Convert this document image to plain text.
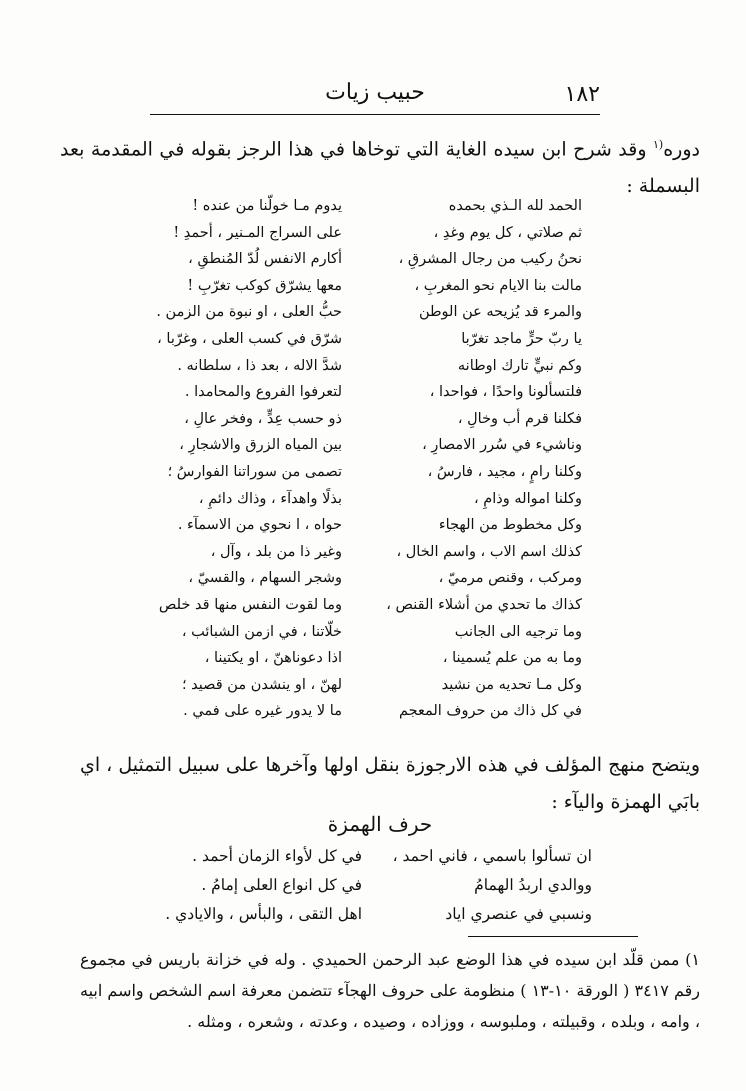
١٨٢
حبيب زيات
دوره$^{(١}$ وقد شرح ابن سيده الغاية التي توخاها في هذا الرجز بقوله في المقدمة بعد البسملة :
الحمد لله الـذي بحمده
يدوم مـا خولّنا من عنده !
ثم صلاتي ، كل يوم وغدِ ،
على السراج المـنير ، أحمدِ !
نحنُ ركيب من رجال المشرقِ ،
أكارم الانفس لُدّ المُنطقِ ،
مالت بنا الايام نحو المغربِ ،
معها يشرّق كوكب تغرّبِ !
والمرء قد يُزيحه عن الوطن
حبُّ العلى ، او نبوة من الزمن .
يا ربّ حرٍّ ماجد تغرّبا
شرّق في كسب العلى ، وغرّبا ،
وكم نبيٍّ تارك اوطانه
شدَّ الاله ، بعد ذا ، سلطانه .
فلتسألونا واحدًا ، فواحدا ،
لتعرفوا الفروع والمحامدا .
فكلنا قرم أب وخالِ ،
ذو حسب عِدٍّ ، وفخر عالِ ،
وناشيء في سُرر الامصارِ ،
بين المياه الزرق والاشجارِ ،
وكلنا رامٍ ، مجيد ، فارسُ ،
تصمى من سوراتنا الفوارسُ ؛
وكلنا امواله وذامِ ،
بذلًا واهدآء ، وذاك دائمِ ،
وكل مخطوط من الهجاء
حواه ، ا نحوي من الاسمآء .
كذلك اسم الاب ، واسم الخال ،
وغير ذا من بلد ، وآل ،
ومركب ، وقنص مرميّ ،
وشجر السهام ، والقسيّ ،
كذاك ما تحدي من أشلاء القنص ،
وما لقوت النفس منها قد خلص
وما ترجيه الى الجانب
خلّاتنا ، في ازمن الشبائب ،
وما به من علم يُسمينا ،
اذا دعوناهنّ ، او يكتينا ،
وكل مـا تحديه من نشيد
لهنّ ، او ينشدن من قصيد ؛
في كل ذاك من حروف المعجم
ما لا يدور غيره على فمي .
ويتضح منهج المؤلف في هذه الارجوزة بنقل اولها وآخرها على سبيل التمثيل ، اي بابَي الهمزة واليآء :
حرف الهمزة
ان تسألوا باسمي ، فاني احمد ،
في كل لأواء الزمان أحمد .
ووالدي اربدُ الهمامُ
في كل انواع العلى إمامُ .
ونسبي في عنصري اياد
اهل التقى ، والبأس ، والايادي .
١) ممن قلّد ابن سيده في هذا الوضع عبد الرحمن الحميدي . وله في خزانة باريس في مجموع رقم ٣٤١٧ ( الورقة ١٠-١٣ ) منظومة على حروف الهجآء تتضمن معرفة اسم الشخص واسم ابيه ، وامه ، وبلده ، وقبيلته ، وملبوسه ، ووزاده ، وصيده ، وعدته ، وشعره ، ومثله .
